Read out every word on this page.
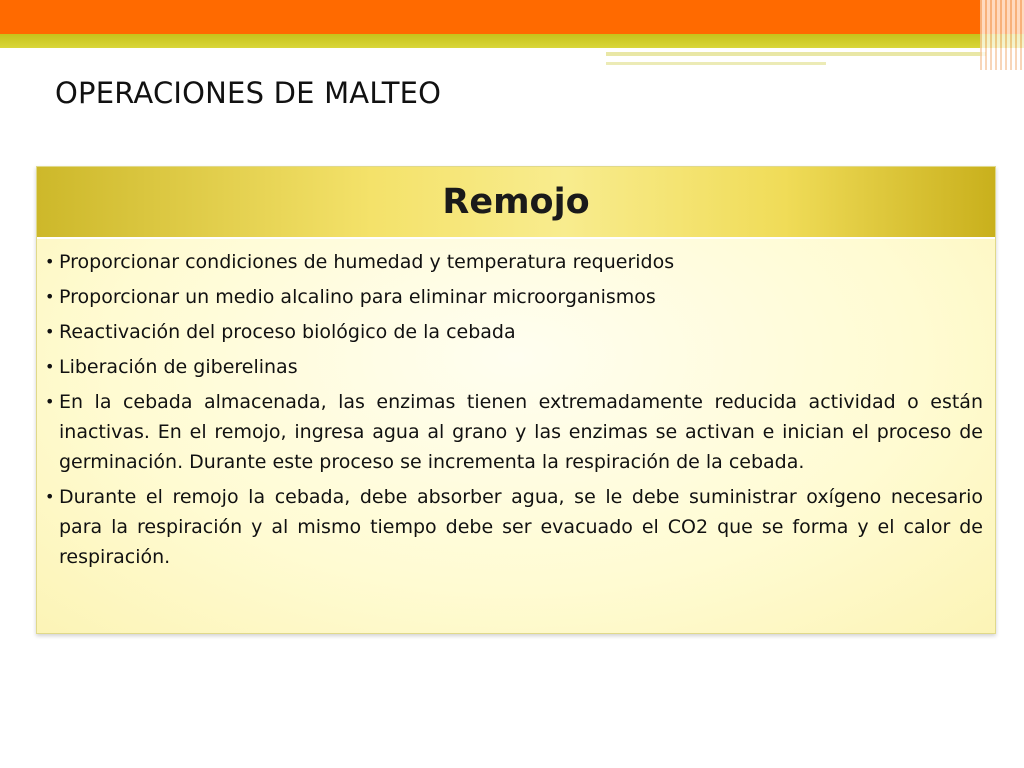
OPERACIONES DE MALTEO
Remojo
• Proporcionar condiciones de humedad y temperatura requeridos
• Proporcionar un medio alcalino para eliminar microorganismos
• Reactivación del proceso biológico de la cebada
• Liberación de giberelinas
• En la cebada almacenada, las enzimas tienen extremadamente reducida actividad o están inactivas. En el remojo, ingresa agua al grano y las enzimas se activan e inician el proceso de germinación. Durante este proceso se incrementa la respiración de la cebada.
• Durante el remojo la cebada, debe absorber agua, se le debe suministrar oxígeno necesario para la respiración y al mismo tiempo debe ser evacuado el CO2 que se forma y el calor de respiración.
